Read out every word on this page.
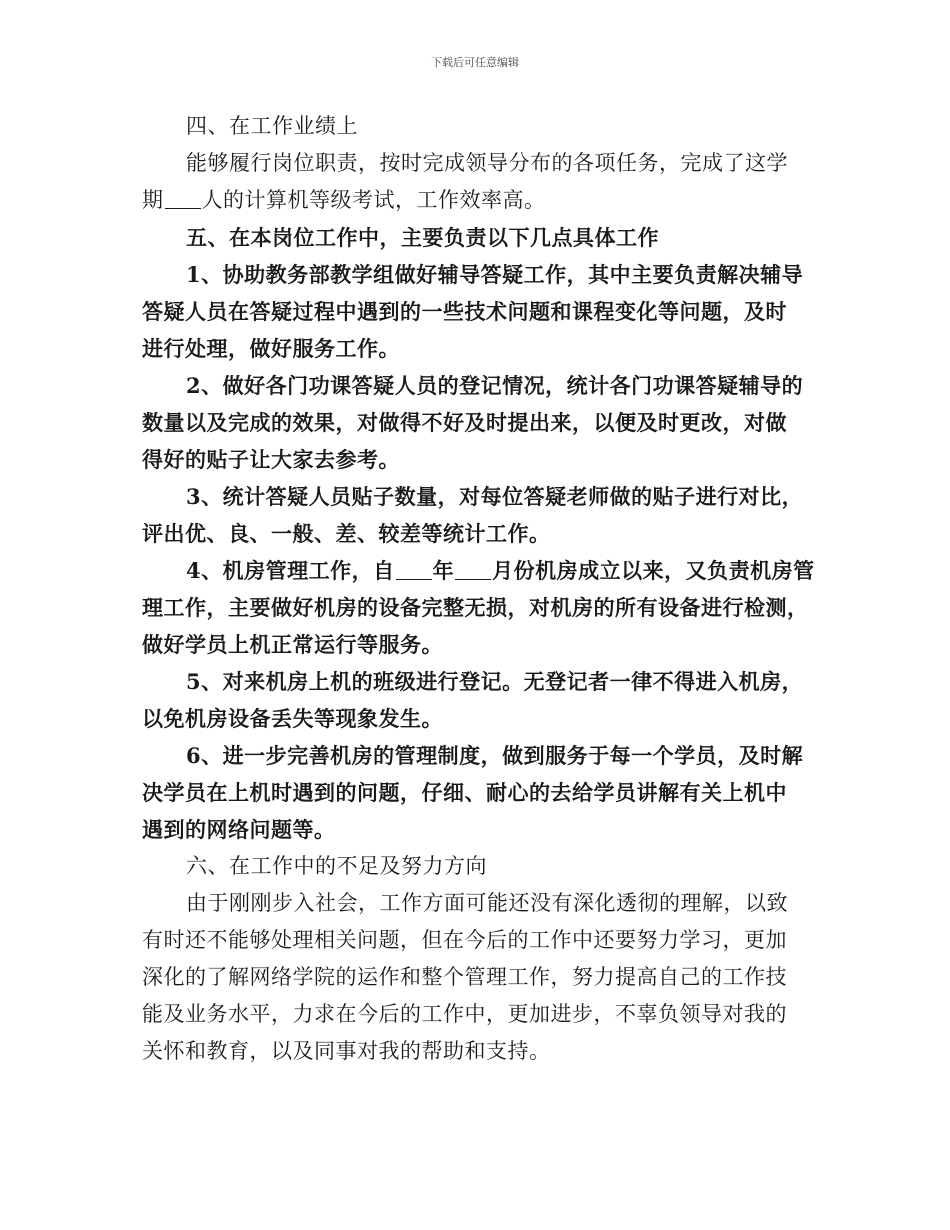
下载后可任意编辑
四、在工作业绩上
能够履行岗位职责，按时完成领导分布的各项任务，完成了这学
期 人的计算机等级考试，工作效率高。
五、在本岗位工作中，主要负责以下几点具体工作
1、协助教务部教学组做好辅导答疑工作，其中主要负责解决辅导
答疑人员在答疑过程中遇到的一些技术问题和课程变化等问题，及时
进行处理，做好服务工作。
2、做好各门功课答疑人员的登记情况，统计各门功课答疑辅导的
数量以及完成的效果，对做得不好及时提出来，以便及时更改，对做
得好的贴子让大家去参考。
3、统计答疑人员贴子数量，对每位答疑老师做的贴子进行对比，
评出优、良、一般、差、较差等统计工作。
4、机房管理工作，自 年 月份机房成立以来，又负责机房管
理工作，主要做好机房的设备完整无损，对机房的所有设备进行检测，
做好学员上机正常运行等服务。
5、对来机房上机的班级进行登记。无登记者一律不得进入机房，
以免机房设备丢失等现象发生。
6、进一步完善机房的管理制度，做到服务于每一个学员，及时解
决学员在上机时遇到的问题，仔细、耐心的去给学员讲解有关上机中
遇到的网络问题等。
六、在工作中的不足及努力方向
由于刚刚步入社会，工作方面可能还没有深化透彻的理解，以致
有时还不能够处理相关问题，但在今后的工作中还要努力学习，更加
深化的了解网络学院的运作和整个管理工作，努力提高自己的工作技
能及业务水平，力求在今后的工作中，更加进步，不辜负领导对我的
关怀和教育，以及同事对我的帮助和支持。
